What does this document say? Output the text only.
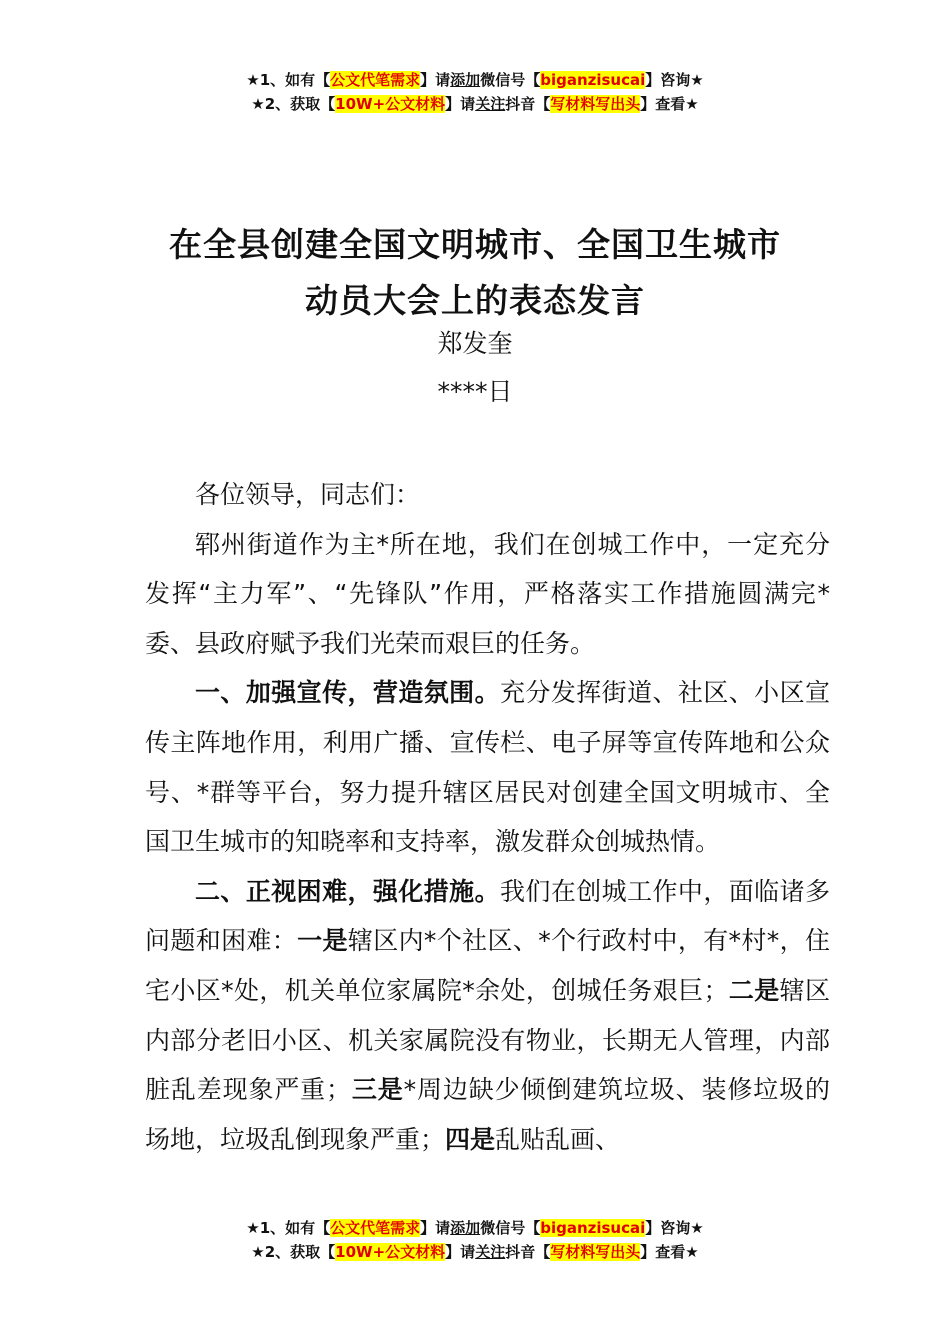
★1、如有【公文代笔需求】请添加微信号【biganzisucai】咨询★
★2、获取【10W+公文材料】请关注抖音【写材料写出头】查看★
在全县创建全国文明城市、全国卫生城市
动员大会上的表态发言
郑发奎
****日

各位领导，同志们：

郓州街道作为主*所在地，我们在创城工作中，一定充分发挥“主力军”、“先锋队”作用，严格落实工作措施圆满完*委、县政府赋予我们光荣而艰巨的任务。

一、加强宣传，营造氛围。充分发挥街道、社区、小区宣传主阵地作用，利用广播、宣传栏、电子屏等宣传阵地和公众号、*群等平台，努力提升辖区居民对创建全国文明城市、全国卫生城市的知晓率和支持率，激发群众创城热情。

二、正视困难，强化措施。我们在创城工作中，面临诸多问题和困难：一是辖区内*个社区、*个行政村中，有*村*，住宅小区*处，机关单位家属院*余处，创城任务艰巨；二是辖区内部分老旧小区、机关家属院没有物业，长期无人管理，内部脏乱差现象严重；三是*周边缺少倾倒建筑垃圾、装修垃圾的场地，垃圾乱倒现象严重；四是乱贴乱画、

★1、如有【公文代笔需求】请添加微信号【biganzisucai】咨询★
★2、获取【10W+公文材料】请关注抖音【写材料写出头】查看★
